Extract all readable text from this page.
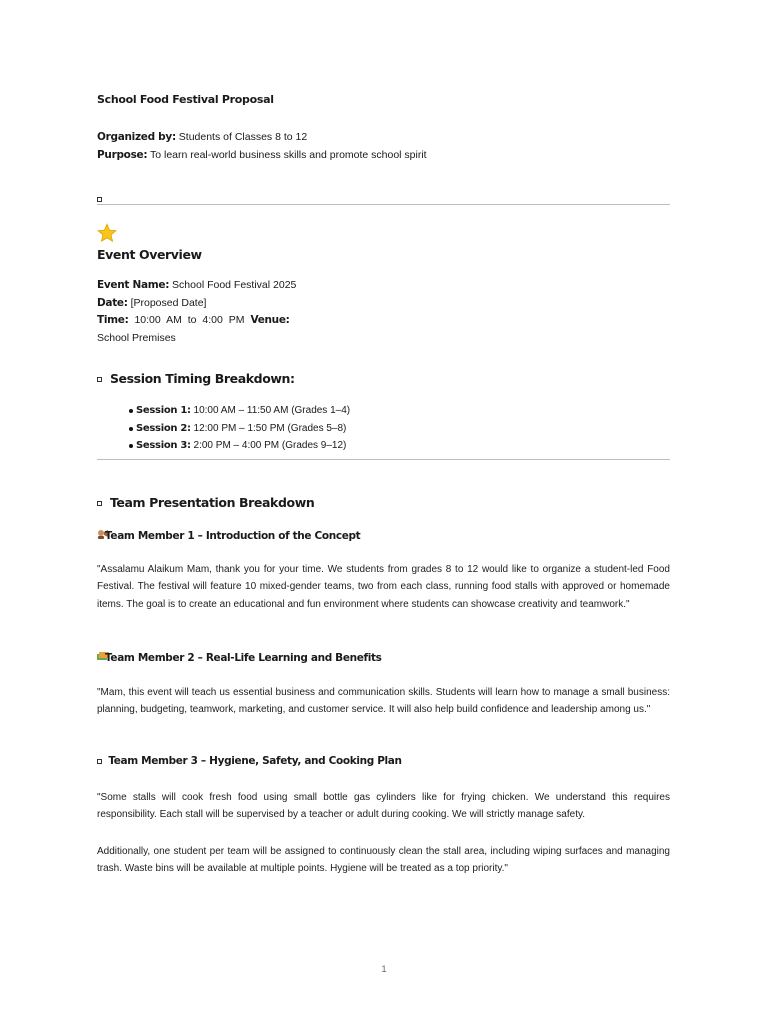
School Food Festival Proposal
Organized by: Students of Classes 8 to 12
Purpose: To learn real-world business skills and promote school spirit
Event Overview
Event Name: School Food Festival 2025
Date: [Proposed Date]
Time: 10:00 AM to 4:00 PM Venue:
School Premises
Session Timing Breakdown:
Session 1: 10:00 AM – 11:50 AM (Grades 1–4)
Session 2: 12:00 PM – 1:50 PM (Grades 5–8)
Session 3: 2:00 PM – 4:00 PM (Grades 9–12)
Team Presentation Breakdown
Team Member 1 – Introduction of the Concept
"Assalamu Alaikum Mam, thank you for your time. We students from grades 8 to 12 would like to organize a student-led Food Festival. The festival will feature 10 mixed-gender teams, two from each class, running food stalls with approved or homemade items. The goal is to create an educational and fun environment where students can showcase creativity and teamwork."
Team Member 2 – Real-Life Learning and Benefits
"Mam, this event will teach us essential business and communication skills. Students will learn how to manage a small business: planning, budgeting, teamwork, marketing, and customer service. It will also help build confidence and leadership among us."
Team Member 3 – Hygiene, Safety, and Cooking Plan
"Some stalls will cook fresh food using small bottle gas cylinders like for frying chicken. We understand this requires responsibility. Each stall will be supervised by a teacher or adult during cooking. We will strictly manage safety.
Additionally, one student per team will be assigned to continuously clean the stall area, including wiping surfaces and managing trash. Waste bins will be available at multiple points. Hygiene will be treated as a top priority."
1
